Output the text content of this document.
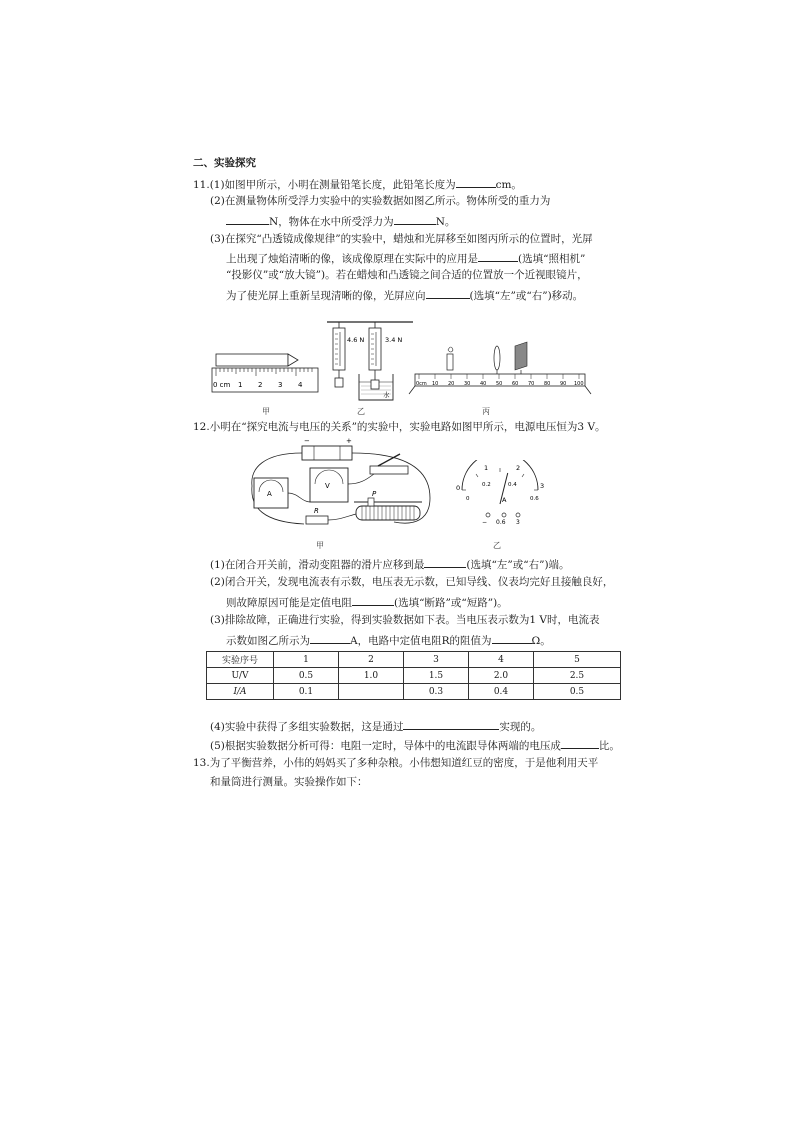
二、实验探究
11.(1)如图甲所示，小明在测量铅笔长度，此铅笔长度为	cm。
(2)在测量物体所受浮力实验中的实验数据如图乙所示。物体所受的重力为
N，物体在水中所受浮力为	N。
(3)在探究“凸透镜成像规律”的实验中，蜡烛和光屏移至如图丙所示的位置时，光屏
上出现了烛焰清晰的像，该成像原理在实际中的应用是	(选填“照相机”
“投影仪”或“放大镜”)。若在蜡烛和凸透镜之间合适的位置放一个近视眼镜片，
为了使光屏上重新呈现清晰的像，光屏应向	(选填“左”或“右”)移动。
0 cm 1 2 3 4
甲
4.6 N	3.4 N
水
乙
0cm 10 20 30 40 50 60 70 80 90 100
丙
12.小明在“探究电流与电压的关系”的实验中，实验电路如图甲所示，电源电压恒为3 V。
−	+
A
V
R
P
甲
0
1	2
3
0
0.2	0.4
0.6
A
− 0.6 3
乙
(1)在闭合开关前，滑动变阻器的滑片应移到最	(选填“左”或“右”)端。
(2)闭合开关，发现电流表有示数，电压表无示数，已知导线、仪表均完好且接触良好，
则故障原因可能是定值电阻	(选填“断路”或“短路”)。
(3)排除故障，正确进行实验，得到实验数据如下表。当电压表示数为1 V时，电流表
示数如图乙所示为	A，电路中定值电阻R的阻值为	Ω。
实验序号	1	2	3	4	5
U/V	0.5	1.0	1.5	2.0	2.5
I/A	0.1		0.3	0.4	0.5
(4)实验中获得了多组实验数据，这是通过	实现的。
(5)根据实验数据分析可得：电阻一定时，导体中的电流跟导体两端的电压成	比。
13.为了平衡营养，小伟的妈妈买了多种杂粮。小伟想知道红豆的密度，于是他利用天平
和量筒进行测量。实验操作如下：
